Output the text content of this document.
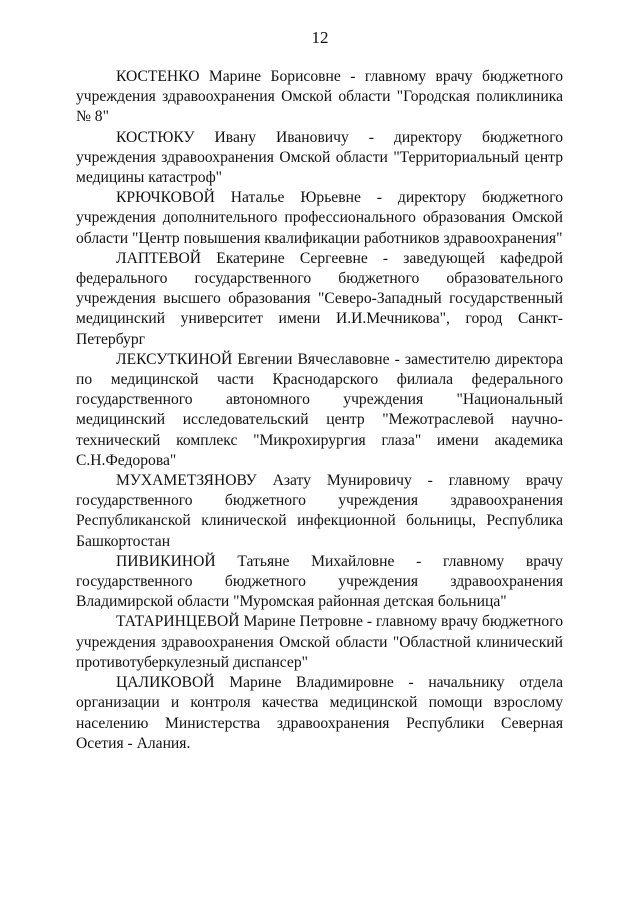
12

КОСТЕНКО Марине Борисовне - главному врачу бюджетного учреждения здравоохранения Омской области "Городская поликлиника № 8"

КОСТЮКУ Ивану Ивановичу - директору бюджетного учреждения здравоохранения Омской области "Территориальный центр медицины катастроф"

КРЮЧКОВОЙ Наталье Юрьевне - директору бюджетного учреждения дополнительного профессионального образования Омской области "Центр повышения квалификации работников здравоохранения"

ЛАПТЕВОЙ Екатерине Сергеевне - заведующей кафедрой федерального государственного бюджетного образовательного учреждения высшего образования "Северо-Западный государственный медицинский университет имени И.И.Мечникова", город Санкт-Петербург

ЛЕКСУТКИНОЙ Евгении Вячеславовне - заместителю директора по медицинской части Краснодарского филиала федерального государственного автономного учреждения "Национальный медицинский исследовательский центр "Межотраслевой научно-технический комплекс "Микрохирургия глаза" имени академика С.Н.Федорова"

МУХАМЕТЗЯНОВУ Азату Мунировичу - главному врачу государственного бюджетного учреждения здравоохранения Республиканской клинической инфекционной больницы, Республика Башкортостан

ПИВИКИНОЙ Татьяне Михайловне - главному врачу государственного бюджетного учреждения здравоохранения Владимирской области "Муромская районная детская больница"

ТАТАРИНЦЕВОЙ Марине Петровне - главному врачу бюджетного учреждения здравоохранения Омской области "Областной клинический противотуберкулезный диспансер"

ЦАЛИКОВОЙ Марине Владимировне - начальнику отдела организации и контроля качества медицинской помощи взрослому населению Министерства здравоохранения Республики Северная Осетия - Алания.
